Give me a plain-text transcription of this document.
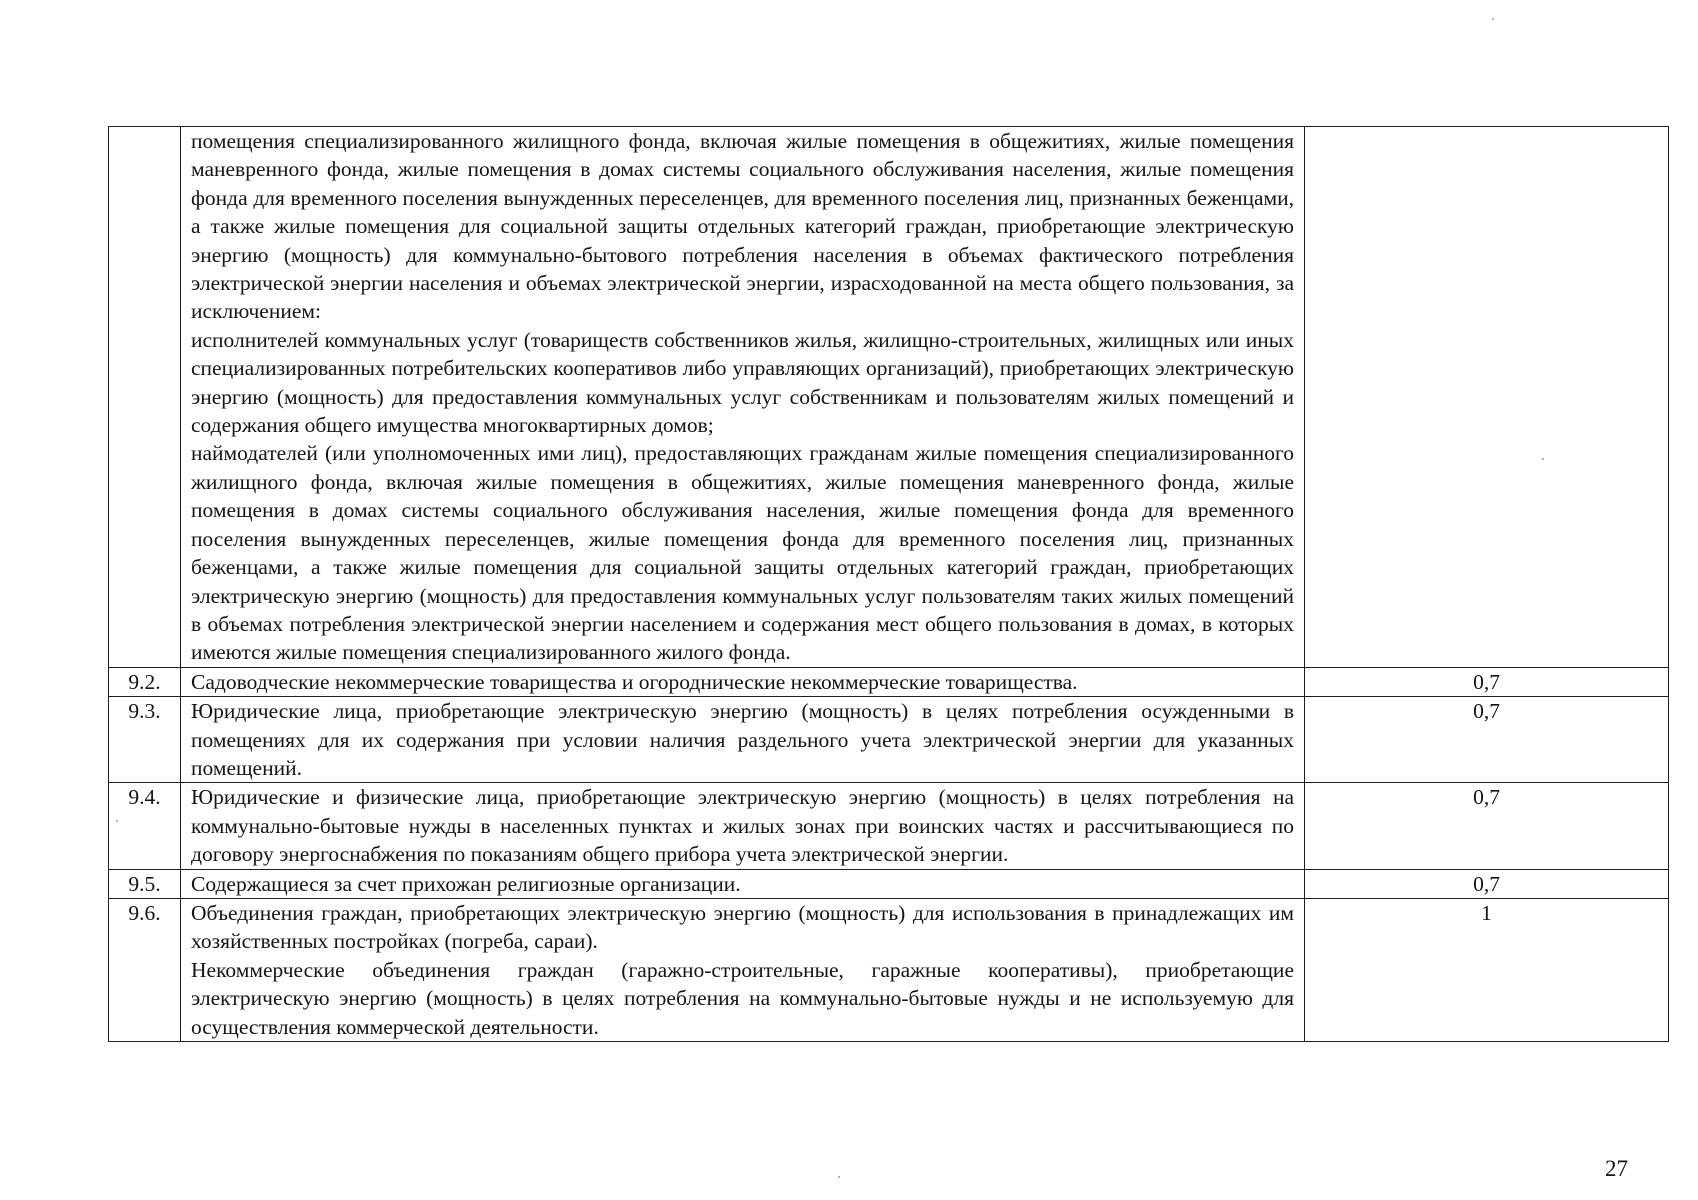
	помещения специализированного жилищного фонда, включая жилые помещения в общежитиях, жилые помещения маневренного фонда, жилые помещения в домах системы социального обслуживания населения, жилые помещения фонда для временного поселения вынужденных переселенцев, для временного поселения лиц, признанных беженцами, а также жилые помещения для социальной защиты отдельных категорий граждан, приобретающие электрическую энергию (мощность) для коммунально-бытового потребления населения в объемах фактического потребления электрической энергии населения и объемах электрической энергии, израсходованной на места общего пользования, за исключением:

исполнителей коммунальных услуг (товариществ собственников жилья, жилищно-строительных, жилищных или иных специализированных потребительских кооперативов либо управляющих организаций), приобретающих электрическую энергию (мощность) для предоставления коммунальных услуг собственникам и пользователям жилых помещений и содержания общего имущества многоквартирных домов;

наймодателей (или уполномоченных ими лиц), предоставляющих гражданам жилые помещения специализированного жилищного фонда, включая жилые помещения в общежитиях, жилые помещения маневренного фонда, жилые помещения в домах системы социального обслуживания населения, жилые помещения фонда для временного поселения вынужденных переселенцев, жилые помещения фонда для временного поселения лиц, признанных беженцами, а также жилые помещения для социальной защиты отдельных категорий граждан, приобретающих электрическую энергию (мощность) для предоставления коммунальных услуг пользователям таких жилых помещений в объемах потребления электрической энергии населением и содержания мест общего пользования в домах, в которых имеются жилые помещения специализированного жилого фонда.	

9.2.	Садоводческие некоммерческие товарищества и огороднические некоммерческие товарищества.	0,7
9.3.	Юридические лица, приобретающие электрическую энергию (мощность) в целях потребления осужденными в помещениях для их содержания при условии наличия раздельного учета электрической энергии для указанных помещений.	0,7
9.4.	Юридические и физические лица, приобретающие электрическую энергию (мощность) в целях потребления на коммунально-бытовые нужды в населенных пунктах и жилых зонах при воинских частях и рассчитывающиеся по договору энергоснабжения по показаниям общего прибора учета электрической энергии.	0,7
9.5.	Содержащиеся за счет прихожан религиозные организации.	0,7
9.6.	Объединения граждан, приобретающих электрическую энергию (мощность) для использования в принадлежащих им хозяйственных постройках (погреба, сараи).

Некоммерческие объединения граждан (гаражно-строительные, гаражные кооперативы), приобретающие электрическую энергию (мощность) в целях потребления на коммунально-бытовые нужды и не используемую для осуществления коммерческой деятельности.	1
27
